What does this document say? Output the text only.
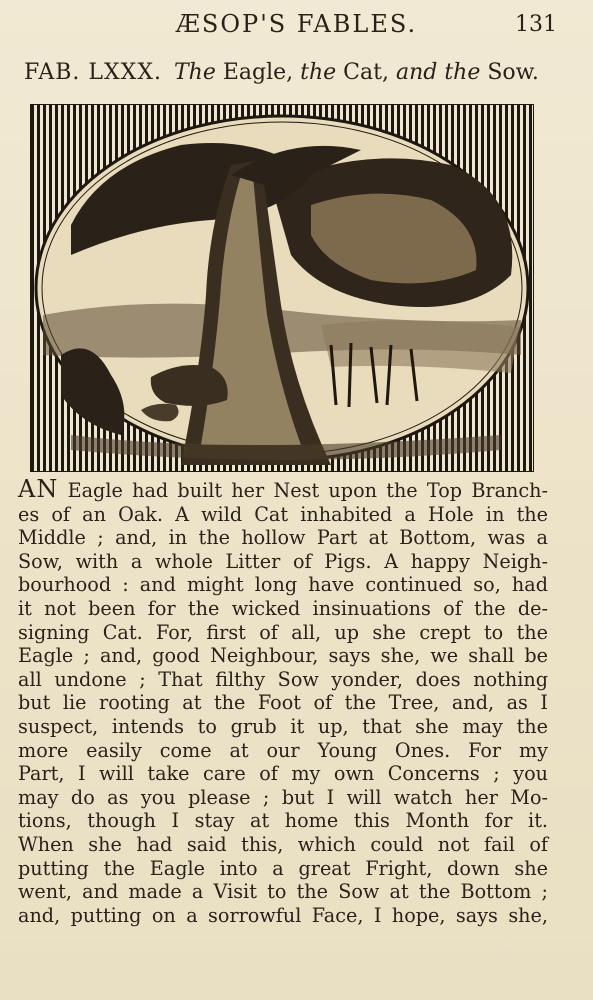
ÆSOP'S FABLES.	131
FAB. LXXX. The Eagle, the Cat, and the Sow.

AN Eagle had built her Nest upon the Top Branch-
es of an Oak. A wild Cat inhabited a Hole in the
Middle ; and, in the hollow Part at Bottom, was a
Sow, with a whole Litter of Pigs. A happy Neigh-
bourhood : and might long have continued so, had
it not been for the wicked insinuations of the de-
signing Cat. For, first of all, up she crept to the
Eagle ; and, good Neighbour, says she, we shall be
all undone ; That filthy Sow yonder, does nothing
but lie rooting at the Foot of the Tree, and, as I
suspect, intends to grub it up, that she may the
more easily come at our Young Ones. For my
Part, I will take care of my own Concerns ; you
may do as you please ; but I will watch her Mo-
tions, though I stay at home this Month for it.
When she had said this, which could not fail of
putting the Eagle into a great Fright, down she
went, and made a Visit to the Sow at the Bottom ;
and, putting on a sorrowful Face, I hope, says she,
